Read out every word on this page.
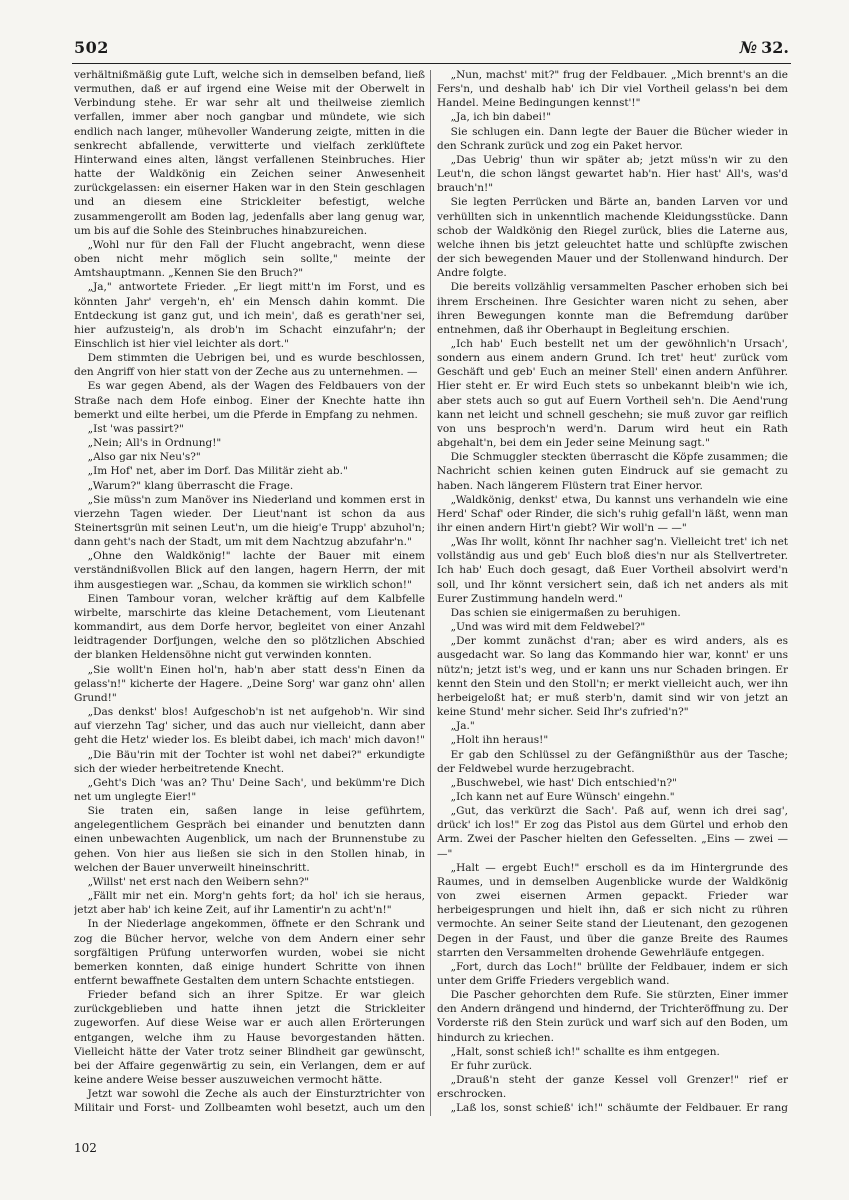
502	№ 32.

verhältnißmäßig gute Luft, welche sich in demselben befand, ließ vermuthen, daß er auf irgend eine Weise mit der Oberwelt in Verbindung stehe. Er war sehr alt und theilweise ziemlich verfallen, immer aber noch gangbar und mündete, wie sich endlich nach langer, mühevoller Wanderung zeigte, mitten in die senkrecht abfallende, verwitterte und vielfach zerklüftete Hinterwand eines alten, längst verfallenen Steinbruches. Hier hatte der Waldkönig ein Zeichen seiner Anwesenheit zurückgelassen: ein eiserner Haken war in den Stein geschlagen und an diesem eine Strickleiter befestigt, welche zusammengerollt am Boden lag, jedenfalls aber lang genug war, um bis auf die Sohle des Steinbruches hinabzureichen.

„Wohl nur für den Fall der Flucht angebracht, wenn diese oben nicht mehr möglich sein sollte," meinte der Amtshauptmann. „Kennen Sie den Bruch?"

„Ja," antwortete Frieder. „Er liegt mitt'n im Forst, und es könnten Jahr' vergeh'n, eh' ein Mensch dahin kommt. Die Entdeckung ist ganz gut, und ich mein', daß es gerath'ner sei, hier aufzusteig'n, als drob'n im Schacht einzufahr'n; der Einschlich ist hier viel leichter als dort."

Dem stimmten die Uebrigen bei, und es wurde beschlossen, den Angriff von hier statt von der Zeche aus zu unternehmen. —

Es war gegen Abend, als der Wagen des Feldbauers von der Straße nach dem Hofe einbog. Einer der Knechte hatte ihn bemerkt und eilte herbei, um die Pferde in Empfang zu nehmen.

„Ist 'was passirt?"

„Nein; All's in Ordnung!"

„Also gar nix Neu's?"

„Im Hof' net, aber im Dorf. Das Militär zieht ab."

„Warum?" klang überrascht die Frage.

„Sie müss'n zum Manöver ins Niederland und kommen erst in vierzehn Tagen wieder. Der Lieut'nant ist schon da aus Steinertsgrün mit seinen Leut'n, um die hieig'e Trupp' abzuhol'n; dann geht's nach der Stadt, um mit dem Nachtzug abzufahr'n."

„Ohne den Waldkönig!" lachte der Bauer mit einem verständnißvollen Blick auf den langen, hagern Herrn, der mit ihm ausgestiegen war. „Schau, da kommen sie wirklich schon!"

Einen Tambour voran, welcher kräftig auf dem Kalbfelle wirbelte, marschirte das kleine Detachement, vom Lieutenant kommandirt, aus dem Dorfe hervor, begleitet von einer Anzahl leidtragender Dorfjungen, welche den so plötzlichen Abschied der blanken Heldensöhne nicht gut verwinden konnten.

„Sie wollt'n Einen hol'n, hab'n aber statt dess'n Einen da gelass'n!" kicherte der Hagere. „Deine Sorg' war ganz ohn' allen Grund!"

„Das denkst' blos! Aufgeschob'n ist net aufgehob'n. Wir sind auf vierzehn Tag' sicher, und das auch nur vielleicht, dann aber geht die Hetz' wieder los. Es bleibt dabei, ich mach' mich davon!"

„Die Bäu'rin mit der Tochter ist wohl net dabei?" erkundigte sich der wieder herbeitretende Knecht.

„Geht's Dich 'was an? Thu' Deine Sach', und bekümm're Dich net um unglegte Eier!"

Sie traten ein, saßen lange in leise geführtem, angelegentlichem Gespräch bei einander und benutzten dann einen unbewachten Augenblick, um nach der Brunnenstube zu gehen. Von hier aus ließen sie sich in den Stollen hinab, in welchen der Bauer unverweilt hineinschritt.

„Willst' net erst nach den Weibern sehn?"

„Fällt mir net ein. Morg'n gehts fort; da hol' ich sie heraus, jetzt aber hab' ich keine Zeit, auf ihr Lamentir'n zu acht'n!"

In der Niederlage angekommen, öffnete er den Schrank und zog die Bücher hervor, welche von dem Andern einer sehr sorgfältigen Prüfung unterworfen wurden, wobei sie nicht bemerken konnten, daß einige hundert Schritte von ihnen entfernt bewaffnete Gestalten dem untern Schachte entstiegen.

Frieder befand sich an ihrer Spitze. Er war gleich zurückgeblieben und hatte ihnen jetzt die Strickleiter zugeworfen. Auf diese Weise war er auch allen Erörterungen entgangen, welche ihm zu Hause bevorgestanden hätten. Vielleicht hätte der Vater trotz seiner Blindheit gar gewünscht, bei der Affaire gegenwärtig zu sein, ein Verlangen, dem er auf keine andere Weise besser auszuweichen vermocht hätte.

Jetzt war sowohl die Zeche als auch der Einsturztrichter von Militair und Forst- und Zollbeamten wohl besetzt, auch um den

„Nun, machst' mit?" frug der Feldbauer. „Mich brennt's an die Fers'n, und deshalb hab' ich Dir viel Vortheil gelass'n bei dem Handel. Meine Bedingungen kennst'!"

„Ja, ich bin dabei!"

Sie schlugen ein. Dann legte der Bauer die Bücher wieder in den Schrank zurück und zog ein Paket hervor.

„Das Uebrig' thun wir später ab; jetzt müss'n wir zu den Leut'n, die schon längst gewartet hab'n. Hier hast' All's, was'd brauch'n!"

Sie legten Perrücken und Bärte an, banden Larven vor und verhüllten sich in unkenntlich machende Kleidungsstücke. Dann schob der Waldkönig den Riegel zurück, blies die Laterne aus, welche ihnen bis jetzt geleuchtet hatte und schlüpfte zwischen der sich bewegenden Mauer und der Stollenwand hindurch. Der Andre folgte.

Die bereits vollzählig versammelten Pascher erhoben sich bei ihrem Erscheinen. Ihre Gesichter waren nicht zu sehen, aber ihren Bewegungen konnte man die Befremdung darüber entnehmen, daß ihr Oberhaupt in Begleitung erschien.

„Ich hab' Euch bestellt net um der gewöhnlich'n Ursach', sondern aus einem andern Grund. Ich tret' heut' zurück vom Geschäft und geb' Euch an meiner Stell' einen andern Anführer. Hier steht er. Er wird Euch stets so unbekannt bleib'n wie ich, aber stets auch so gut auf Euern Vortheil seh'n. Die Aend'rung kann net leicht und schnell geschehn; sie muß zuvor gar reiflich von uns besproch'n werd'n. Darum wird heut ein Rath abgehalt'n, bei dem ein Jeder seine Meinung sagt."

Die Schmuggler steckten überrascht die Köpfe zusammen; die Nachricht schien keinen guten Eindruck auf sie gemacht zu haben. Nach längerem Flüstern trat Einer hervor.

„Waldkönig, denkst' etwa, Du kannst uns verhandeln wie eine Herd' Schaf' oder Rinder, die sich's ruhig gefall'n läßt, wenn man ihr einen andern Hirt'n giebt? Wir woll'n — —"

„Was Ihr wollt, könnt Ihr nachher sag'n. Vielleicht tret' ich net vollständig aus und geb' Euch bloß dies'n nur als Stellvertreter. Ich hab' Euch doch gesagt, daß Euer Vortheil absolvirt werd'n soll, und Ihr könnt versichert sein, daß ich net anders als mit Eurer Zustimmung handeln werd."

Das schien sie einigermaßen zu beruhigen.

„Und was wird mit dem Feldwebel?"

„Der kommt zunächst d'ran; aber es wird anders, als es ausgedacht war. So lang das Kommando hier war, konnt' er uns nütz'n; jetzt ist's weg, und er kann uns nur Schaden bringen. Er kennt den Stein und den Stoll'n; er merkt vielleicht auch, wer ihn herbeigeloßt hat; er muß sterb'n, damit sind wir von jetzt an keine Stund' mehr sicher. Seid Ihr's zufried'n?"

„Ja."

„Holt ihn heraus!"

Er gab den Schlüssel zu der Gefängnißthür aus der Tasche; der Feldwebel wurde herzugebracht.

„Buschwebel, wie hast' Dich entschied'n?"

„Ich kann net auf Eure Wünsch' eingehn."

„Gut, das verkürzt die Sach'. Paß auf, wenn ich drei sag', drück' ich los!" Er zog das Pistol aus dem Gürtel und erhob den Arm. Zwei der Pascher hielten den Gefesselten. „Eins — zwei — —"

„Halt — ergebt Euch!" erscholl es da im Hintergrunde des Raumes, und in demselben Augenblicke wurde der Waldkönig von zwei eisernen Armen gepackt. Frieder war herbeigesprungen und hielt ihn, daß er sich nicht zu rühren vermochte. An seiner Seite stand der Lieutenant, den gezogenen Degen in der Faust, und über die ganze Breite des Raumes starrten den Versammelten drohende Gewehrläufe entgegen.

„Fort, durch das Loch!" brüllte der Feldbauer, indem er sich unter dem Griffe Frieders vergeblich wand.

Die Pascher gehorchten dem Rufe. Sie stürzten, Einer immer den Andern drängend und hindernd, der Trichteröffnung zu. Der Vorderste riß den Stein zurück und warf sich auf den Boden, um hindurch zu kriechen.

„Halt, sonst schieß ich!" schallte es ihm entgegen.

Er fuhr zurück.

„Drauß'n steht der ganze Kessel voll Grenzer!" rief er erschrocken.

„Laß los, sonst schieß' ich!" schäumte der Feldbauer. Er rang

102
